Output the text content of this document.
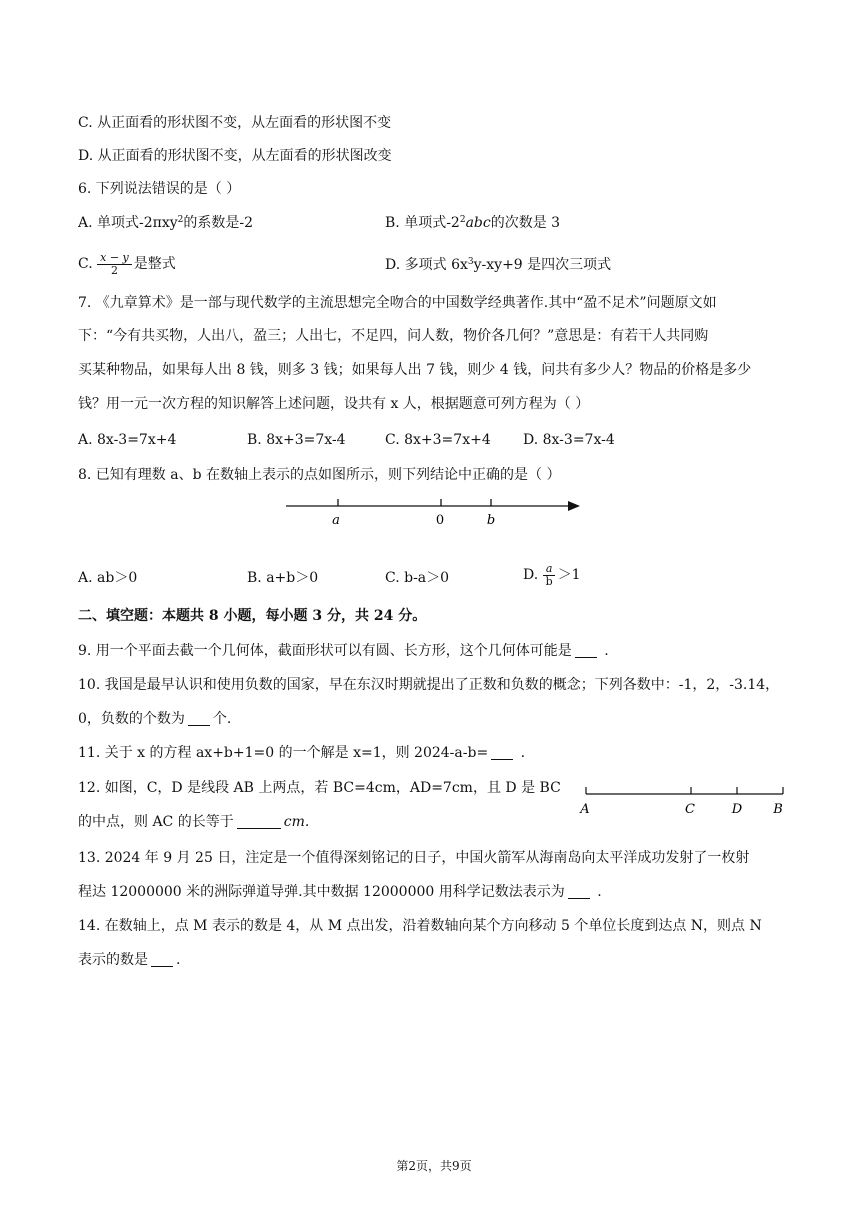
C. 从正面看的形状图不变，从左面看的形状图不变
D. 从正面看的形状图不变，从左面看的形状图改变
6. 下列说法错误的是（ ）
A. 单项式-2πxy$^2$的系数是-2	B. 单项式$-2^2abc$的次数是 3
C. $\frac{x - y}{2}$ 是整式	D. 多项式 $6x^3y-xy+9$ 是四次三项式
7. 《九章算术》是一部与现代数学的主流思想完全吻合的中国数学经典著作.其中“盈不足术”问题原文如
下：“今有共买物，人出八，盈三；人出七，不足四，问人数，物价各几何？”意思是：有若干人共同购
买某种物品，如果每人出 8 钱，则多 3 钱；如果每人出 7 钱，则少 4 钱，问共有多少人？物品的价格是多少
钱？用一元一次方程的知识解答上述问题，设共有 x 人，根据题意可列方程为（ ）
A. 8x-3=7x+4	B. 8x+3=7x-4	C. 8x+3=7x+4 D. 8x-3=7x-4
8. 已知有理数 a、b 在数轴上表示的点如图所示，则下列结论中正确的是（ ）
a	0	b
A. ab＞0	B. a+b＞0	C. b-a＞0	D. $\frac{a}{b} >1$
二、填空题：本题共 8 小题，每小题 3 分，共 24 分。
9. 用一个平面去截一个几何体，截面形状可以有圆、长方形，这个几何体可能是 .
10. 我国是最早认识和使用负数的国家，早在东汉时期就提出了正数和负数的概念；下列各数中：-1，2，-3.14，
0，负数的个数为 个.
11. 关于 x 的方程 ax+b+1=0 的一个解是 x=1，则 2024-a-b= .
12. 如图，C，D 是线段 AB 上两点，若 BC=4cm，AD=7cm，且 D 是 BC
的中点，则 AC 的长等于	cm.
A	C	D B
13. 2024 年 9 月 25 日，注定是一个值得深刻铭记的日子，中国火箭军从海南岛向太平洋成功发射了一枚射
程达 12000000 米的洲际弹道导弹.其中数据 12000000 用科学记数法表示为 .
14. 在数轴上，点 M 表示的数是 4，从 M 点出发，沿着数轴向某个方向移动 5 个单位长度到达点 N，则点 N
表示的数是 .
第2页，共9页
